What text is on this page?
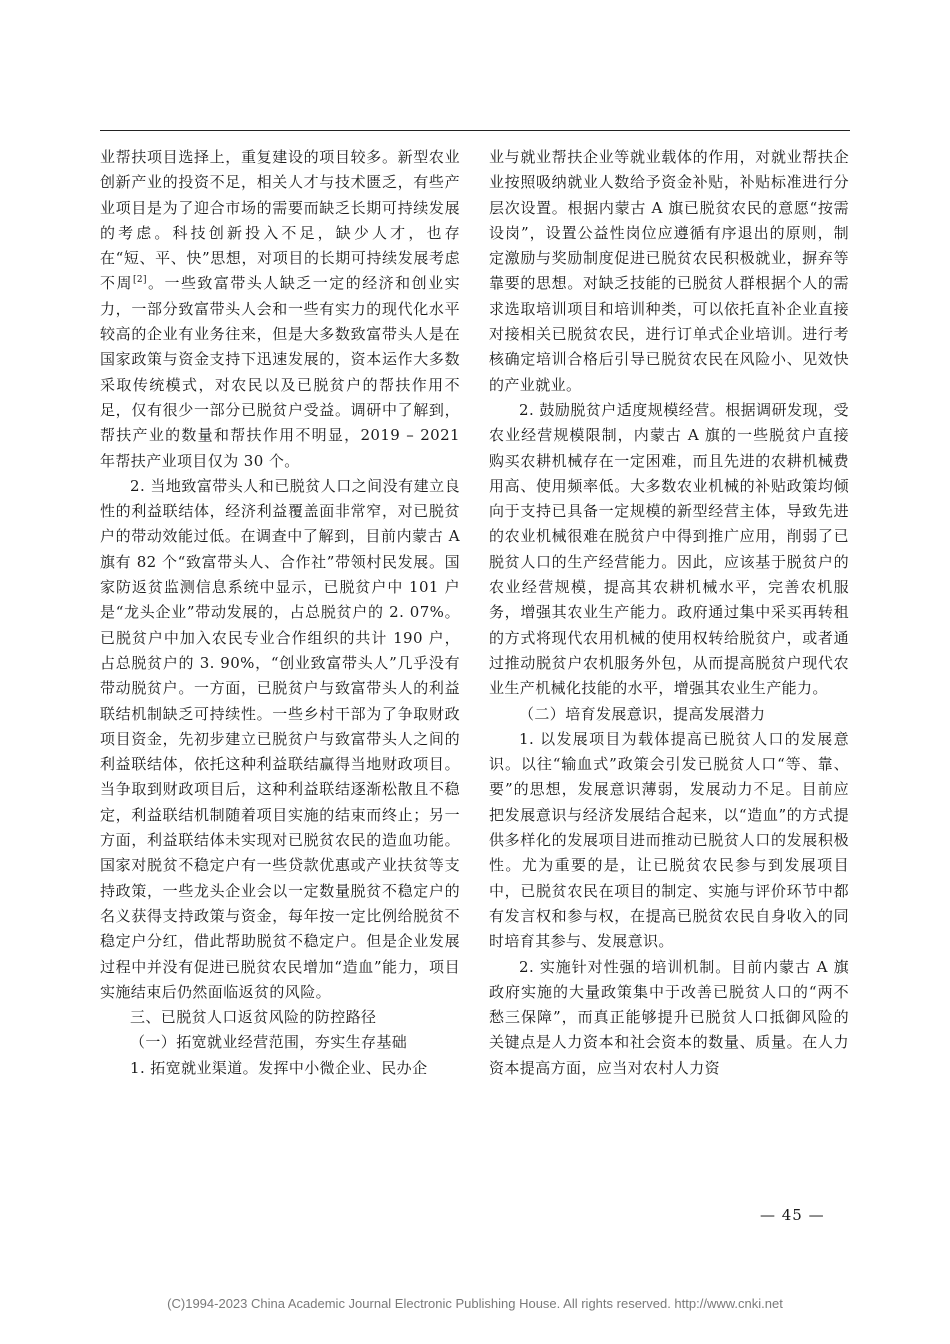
业帮扶项目选择上，重复建设的项目较多。新型农业创新产业的投资不足，相关人才与技术匮乏，有些产业项目是为了迎合市场的需要而缺乏长期可持续发展的考虑。科技创新投入不足，缺少人才，也存在“短、平、快”思想，对项目的长期可持续发展考虑不周[2]。一些致富带头人缺乏一定的经济和创业实力，一部分致富带头人会和一些有实力的现代化水平较高的企业有业务往来，但是大多数致富带头人是在国家政策与资金支持下迅速发展的，资本运作大多数采取传统模式，对农民以及已脱贫户的帮扶作用不足，仅有很少一部分已脱贫户受益。调研中了解到，帮扶产业的数量和帮扶作用不明显，2019 – 2021 年帮扶产业项目仅为 30 个。

2. 当地致富带头人和已脱贫人口之间没有建立良性的利益联结体，经济利益覆盖面非常窄，对已脱贫户的带动效能过低。在调查中了解到，目前内蒙古 A 旗有 82 个“致富带头人、合作社”带领村民发展。国家防返贫监测信息系统中显示，已脱贫户中 101 户是“龙头企业”带动发展的，占总脱贫户的 2. 07%。已脱贫户中加入农民专业合作组织的共计 190 户，占总脱贫户的 3. 90%，“创业致富带头人”几乎没有带动脱贫户。一方面，已脱贫户与致富带头人的利益联结机制缺乏可持续性。一些乡村干部为了争取财政项目资金，先初步建立已脱贫户与致富带头人之间的利益联结体，依托这种利益联结赢得当地财政项目。当争取到财政项目后，这种利益联结逐渐松散且不稳定，利益联结机制随着项目实施的结束而终止；另一方面，利益联结体未实现对已脱贫农民的造血功能。国家对脱贫不稳定户有一些贷款优惠或产业扶贫等支持政策，一些龙头企业会以一定数量脱贫不稳定户的名义获得支持政策与资金，每年按一定比例给脱贫不稳定户分红，借此帮助脱贫不稳定户。但是企业发展过程中并没有促进已脱贫农民增加“造血”能力，项目实施结束后仍然面临返贫的风险。

三、已脱贫人口返贫风险的防控路径

（一）拓宽就业经营范围，夯实生存基础

1. 拓宽就业渠道。发挥中小微企业、民办企

业与就业帮扶企业等就业载体的作用，对就业帮扶企业按照吸纳就业人数给予资金补贴，补贴标准进行分层次设置。根据内蒙古 A 旗已脱贫农民的意愿“按需设岗”，设置公益性岗位应遵循有序退出的原则，制定激励与奖励制度促进已脱贫农民积极就业，摒弃等靠要的思想。对缺乏技能的已脱贫人群根据个人的需求选取培训项目和培训种类，可以依托直补企业直接对接相关已脱贫农民，进行订单式企业培训。进行考核确定培训合格后引导已脱贫农民在风险小、见效快的产业就业。

2. 鼓励脱贫户适度规模经营。根据调研发现，受农业经营规模限制，内蒙古 A 旗的一些脱贫户直接购买农耕机械存在一定困难，而且先进的农耕机械费用高、使用频率低。大多数农业机械的补贴政策均倾向于支持已具备一定规模的新型经营主体，导致先进的农业机械很难在脱贫户中得到推广应用，削弱了已脱贫人口的生产经营能力。因此，应该基于脱贫户的农业经营规模，提高其农耕机械水平，完善农机服务，增强其农业生产能力。政府通过集中采买再转租的方式将现代农用机械的使用权转给脱贫户，或者通过推动脱贫户农机服务外包，从而提高脱贫户现代农业生产机械化技能的水平，增强其农业生产能力。

（二）培育发展意识，提高发展潜力

1. 以发展项目为载体提高已脱贫人口的发展意识。以往“输血式”政策会引发已脱贫人口“等、靠、要”的思想，发展意识薄弱，发展动力不足。目前应把发展意识与经济发展结合起来，以“造血”的方式提供多样化的发展项目进而推动已脱贫人口的发展积极性。尤为重要的是，让已脱贫农民参与到发展项目中，已脱贫农民在项目的制定、实施与评价环节中都有发言权和参与权，在提高已脱贫农民自身收入的同时培育其参与、发展意识。

2. 实施针对性强的培训机制。目前内蒙古 A 旗政府实施的大量政策集中于改善已脱贫人口的“两不愁三保障”，而真正能够提升已脱贫人口抵御风险的关键点是人力资本和社会资本的数量、质量。在人力资本提高方面，应当对农村人力资

— 45 —
(C)1994-2023 China Academic Journal Electronic Publishing House. All rights reserved. http://www.cnki.net
